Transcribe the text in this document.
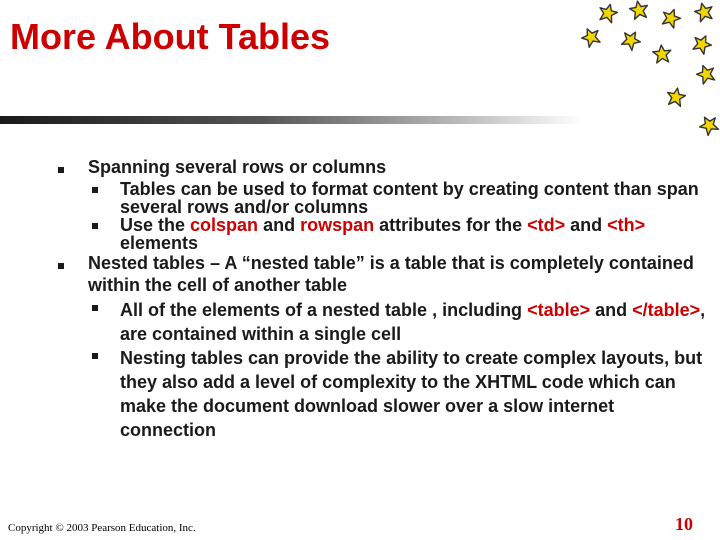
More About Tables
Spanning several rows or columns
Tables can be used to format content by creating content than span several rows and/or columns
Use the colspan and rowspan attributes for the <td> and <th> elements
Nested tables – A “nested table” is a table that is completely contained within the cell of another table
All of the elements of a nested table , including <table> and </table>, are contained within a single cell
Nesting tables can provide the ability to create complex layouts, but they also add a level of complexity to the XHTML code which can make the document download slower over a slow internet connection
Copyright © 2003 Pearson Education, Inc.	10
